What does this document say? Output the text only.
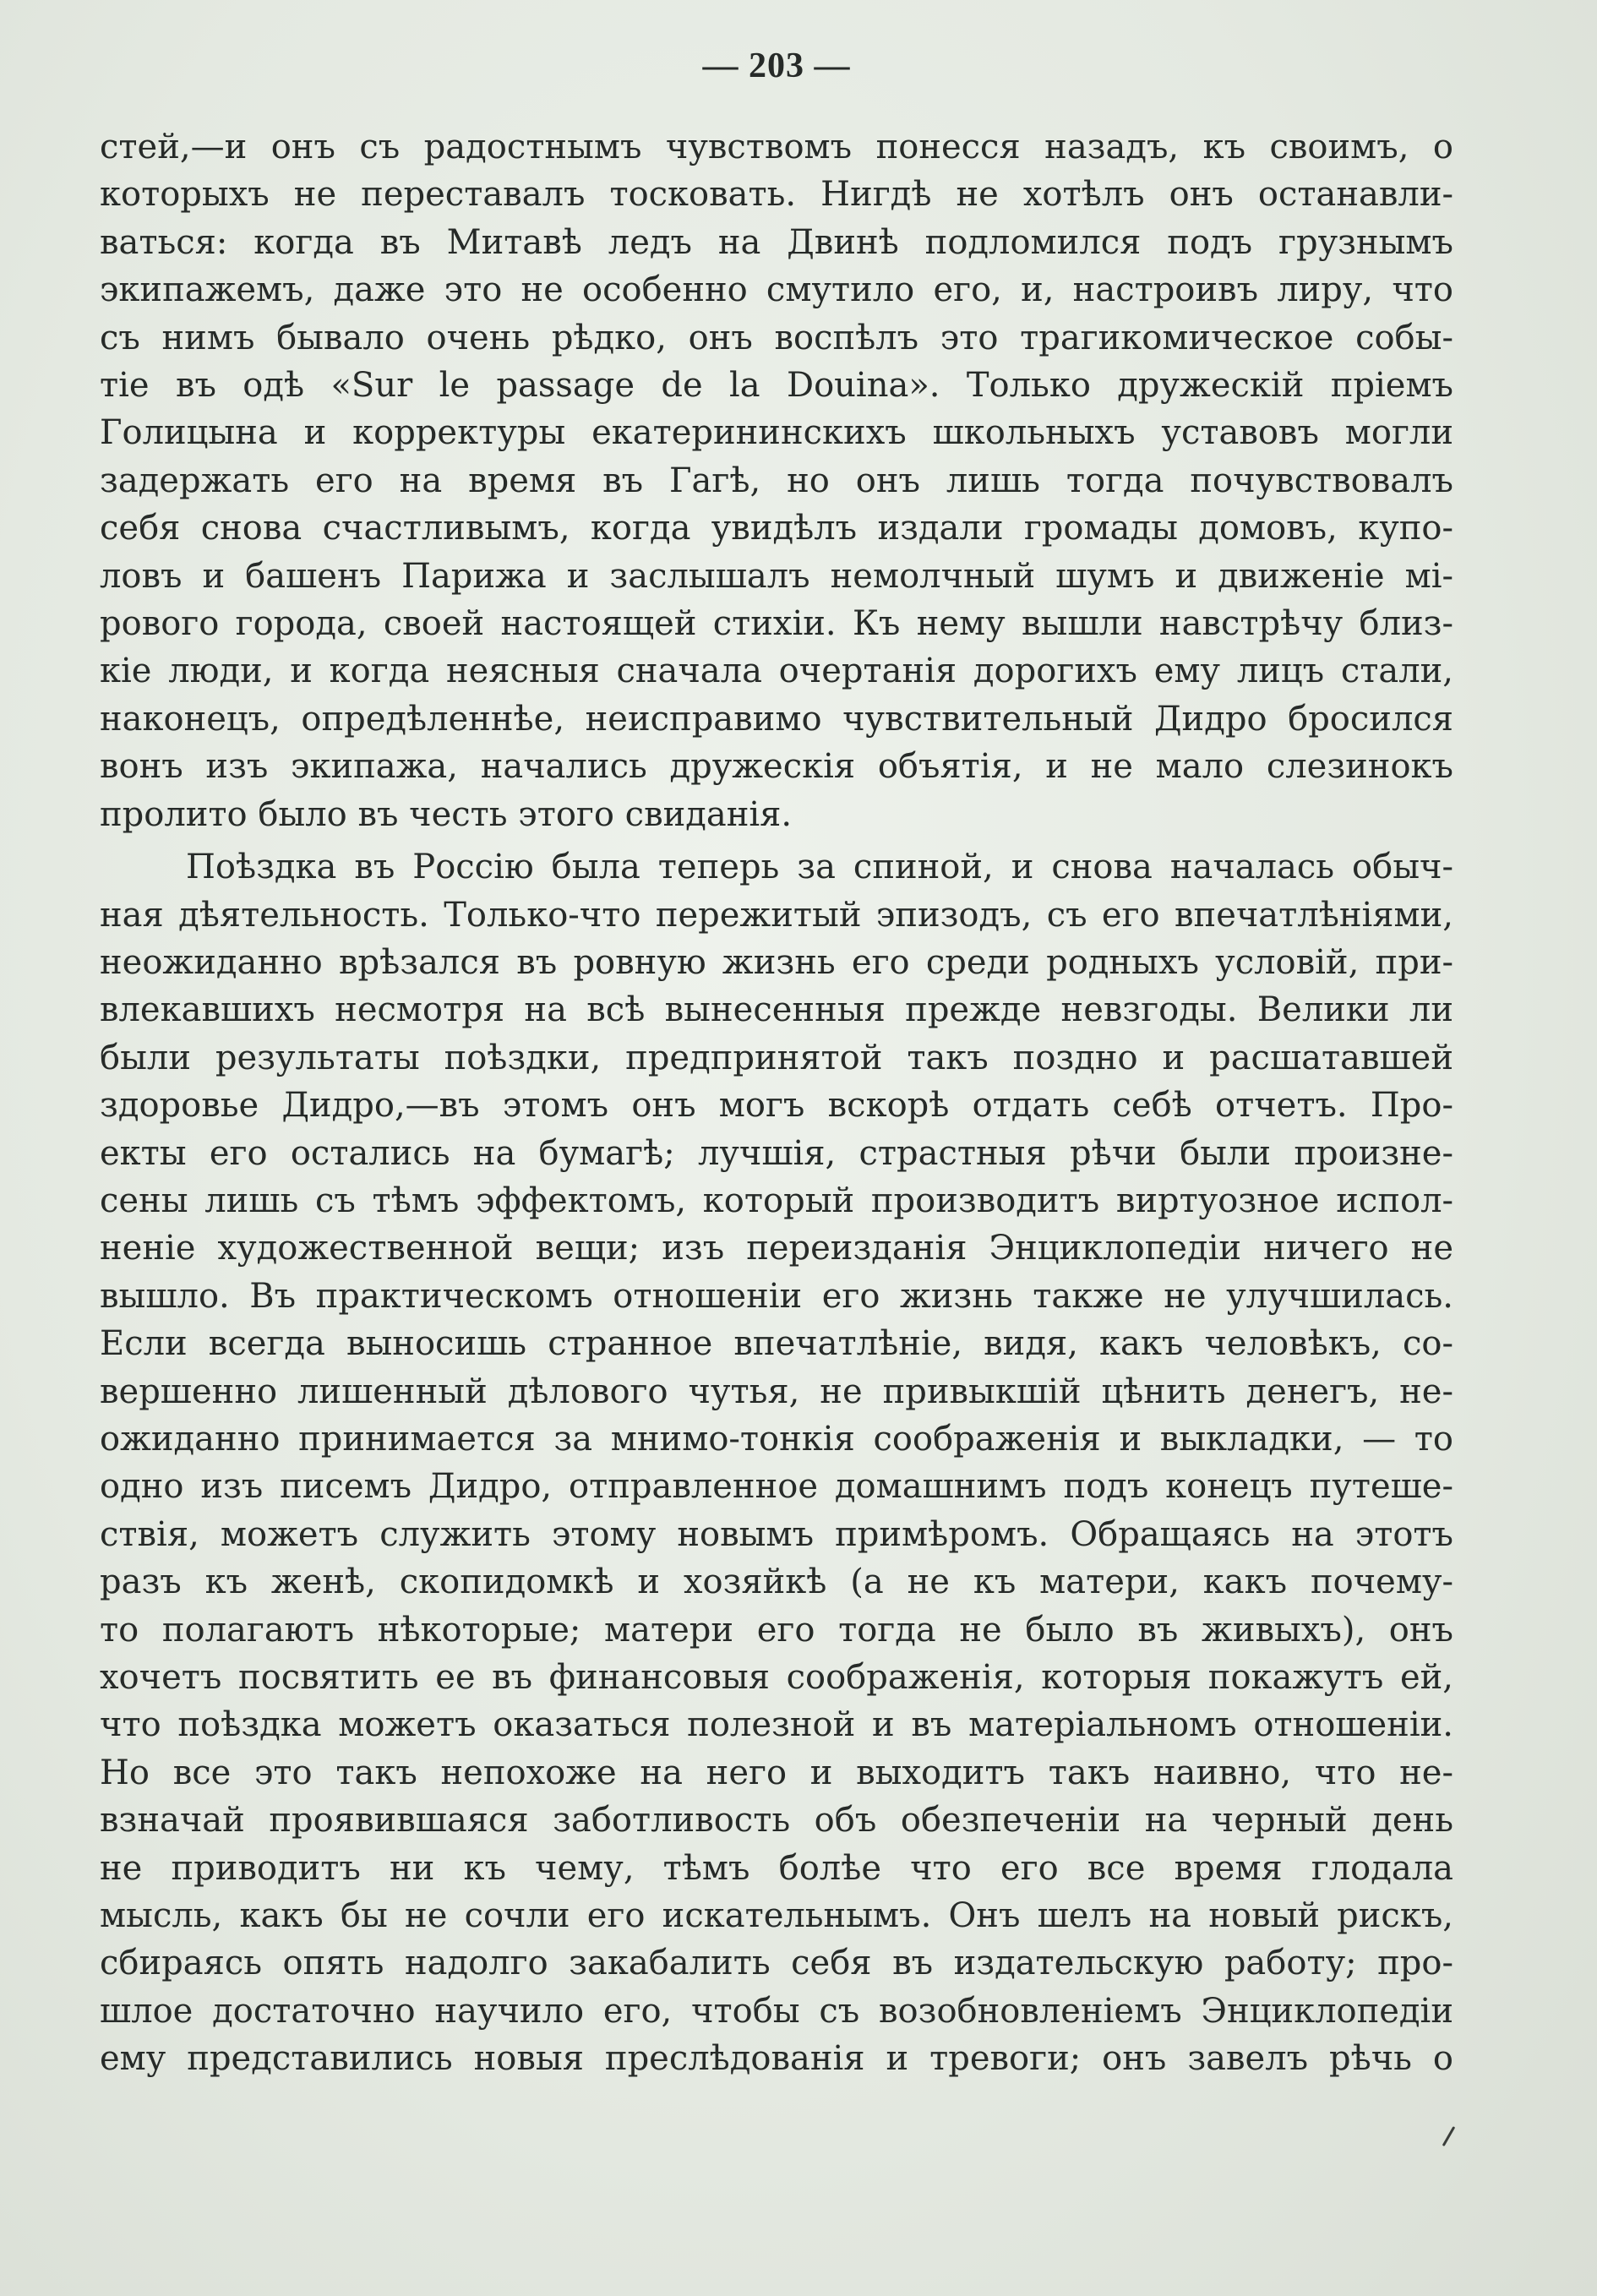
— 203 —
стей,—и онъ съ радостнымъ чувствомъ понесся назадъ, къ своимъ, о
которыхъ не переставалъ тосковать. Нигдѣ не хотѣлъ онъ останавли-
ваться: когда въ Митавѣ ледъ на Двинѣ подломился подъ грузнымъ
экипажемъ, даже это не особенно смутило его, и, настроивъ лиру, что
съ нимъ бывало очень рѣдко, онъ воспѣлъ это трагикомическое собы-
тіе въ одѣ «Sur le passage de la Douina». Только дружескій пріемъ
Голицына и корректуры екатерининскихъ школьныхъ уставовъ могли
задержать его на время въ Гагѣ, но онъ лишь тогда почувствовалъ
себя снова счастливымъ, когда увидѣлъ издали громады домовъ, купо-
ловъ и башенъ Парижа и заслышалъ немолчный шумъ и движеніе мі-
рового города, своей настоящей стихіи. Къ нему вышли навстрѣчу близ-
кіе люди, и когда неясныя сначала очертанія дорогихъ ему лицъ стали,
наконецъ, опредѣленнѣе, неисправимо чувствительный Дидро бросился
вонъ изъ экипажа, начались дружескія объятія, и не мало слезинокъ
пролито было въ честь этого свиданія.
Поѣздка въ Россію была теперь за спиной, и снова началась обыч-
ная дѣятельность. Только-что пережитый эпизодъ, съ его впечатлѣніями,
неожиданно врѣзался въ ровную жизнь его среди родныхъ условій, при-
влекавшихъ несмотря на всѣ вынесенныя прежде невзгоды. Велики ли
были результаты поѣздки, предпринятой такъ поздно и расшатавшей
здоровье Дидро,—въ этомъ онъ могъ вскорѣ отдать себѣ отчетъ. Про-
екты его остались на бумагѣ; лучшія, страстныя рѣчи были произне-
сены лишь съ тѣмъ эффектомъ, который производитъ виртуозное испол-
неніе художественной вещи; изъ переизданія Энциклопедіи ничего не
вышло. Въ практическомъ отношеніи его жизнь также не улучшилась.
Если всегда выносишь странное впечатлѣніе, видя, какъ человѣкъ, со-
вершенно лишенный дѣлового чутья, не привыкшій цѣнить денегъ, не-
ожиданно принимается за мнимо-тонкія соображенія и выкладки, — то
одно изъ писемъ Дидро, отправленное домашнимъ подъ конецъ путеше-
ствія, можетъ служить этому новымъ примѣромъ. Обращаясь на этотъ
разъ къ женѣ, скопидомкѣ и хозяйкѣ (а не къ матери, какъ почему-
то полагаютъ нѣкоторые; матери его тогда не было въ живыхъ), онъ
хочетъ посвятить ее въ финансовыя соображенія, которыя покажутъ ей,
что поѣздка можетъ оказаться полезной и въ матеріальномъ отношеніи.
Но все это такъ непохоже на него и выходитъ такъ наивно, что не-
взначай проявившаяся заботливость объ обезпеченіи на черный день
не приводитъ ни къ чему, тѣмъ болѣе что его все время глодала
мысль, какъ бы не сочли его искательнымъ. Онъ шелъ на новый рискъ,
сбираясь опять надолго закабалить себя въ издательскую работу; про-
шлое достаточно научило его, чтобы съ возобновленіемъ Энциклопедіи
ему представились новыя преслѣдованія и тревоги; онъ завелъ рѣчь о
